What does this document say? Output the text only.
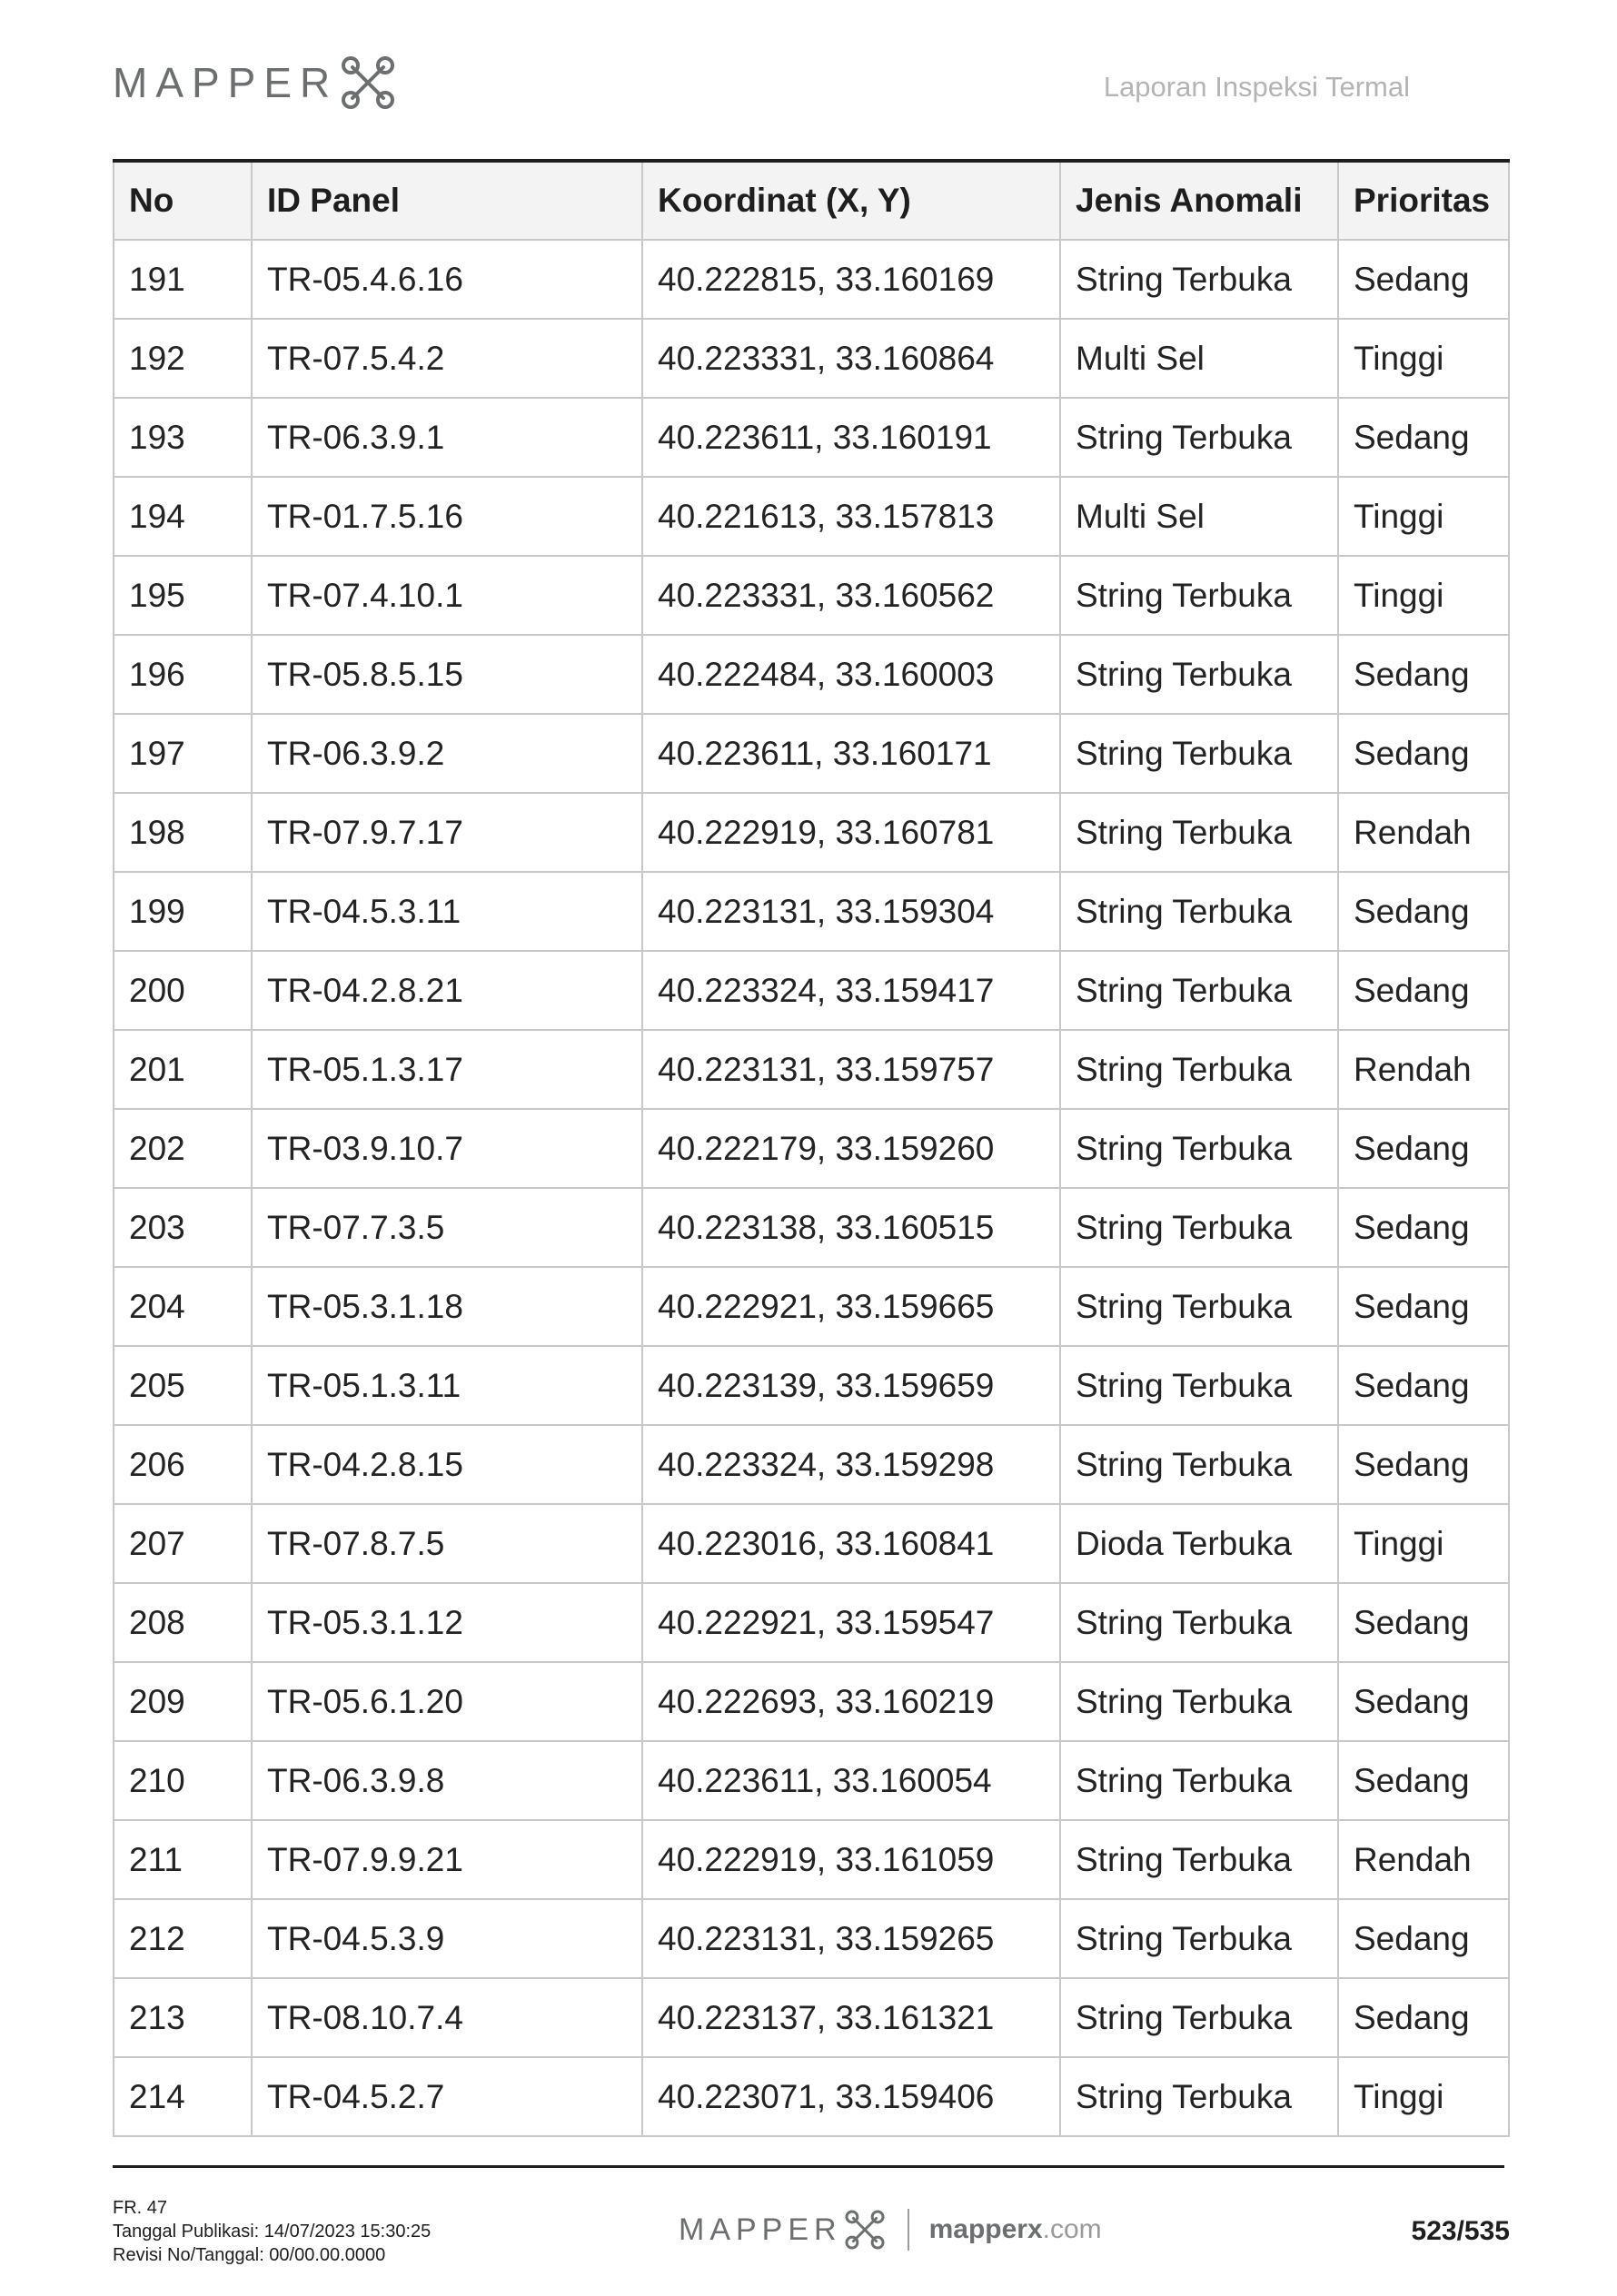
MAPPER	Laporan Inspeksi Termal
No	ID Panel	Koordinat (X, Y)	Jenis Anomali	Prioritas
191	TR-05.4.6.16	40.222815, 33.160169	String Terbuka	Sedang
192	TR-07.5.4.2	40.223331, 33.160864	Multi Sel	Tinggi
193	TR-06.3.9.1	40.223611, 33.160191	String Terbuka	Sedang
194	TR-01.7.5.16	40.221613, 33.157813	Multi Sel	Tinggi
195	TR-07.4.10.1	40.223331, 33.160562	String Terbuka	Tinggi
196	TR-05.8.5.15	40.222484, 33.160003	String Terbuka	Sedang
197	TR-06.3.9.2	40.223611, 33.160171	String Terbuka	Sedang
198	TR-07.9.7.17	40.222919, 33.160781	String Terbuka	Rendah
199	TR-04.5.3.11	40.223131, 33.159304	String Terbuka	Sedang
200	TR-04.2.8.21	40.223324, 33.159417	String Terbuka	Sedang
201	TR-05.1.3.17	40.223131, 33.159757	String Terbuka	Rendah
202	TR-03.9.10.7	40.222179, 33.159260	String Terbuka	Sedang
203	TR-07.7.3.5	40.223138, 33.160515	String Terbuka	Sedang
204	TR-05.3.1.18	40.222921, 33.159665	String Terbuka	Sedang
205	TR-05.1.3.11	40.223139, 33.159659	String Terbuka	Sedang
206	TR-04.2.8.15	40.223324, 33.159298	String Terbuka	Sedang
207	TR-07.8.7.5	40.223016, 33.160841	Dioda Terbuka	Tinggi
208	TR-05.3.1.12	40.222921, 33.159547	String Terbuka	Sedang
209	TR-05.6.1.20	40.222693, 33.160219	String Terbuka	Sedang
210	TR-06.3.9.8	40.223611, 33.160054	String Terbuka	Sedang
211	TR-07.9.9.21	40.222919, 33.161059	String Terbuka	Rendah
212	TR-04.5.3.9	40.223131, 33.159265	String Terbuka	Sedang
213	TR-08.10.7.4	40.223137, 33.161321	String Terbuka	Sedang
214	TR-04.5.2.7	40.223071, 33.159406	String Terbuka	Tinggi
FR. 47
Tanggal Publikasi: 14/07/2023 15:30:25
Revisi No/Tanggal: 00/00.00.0000
MAPPER	mapperx.com	523/535
